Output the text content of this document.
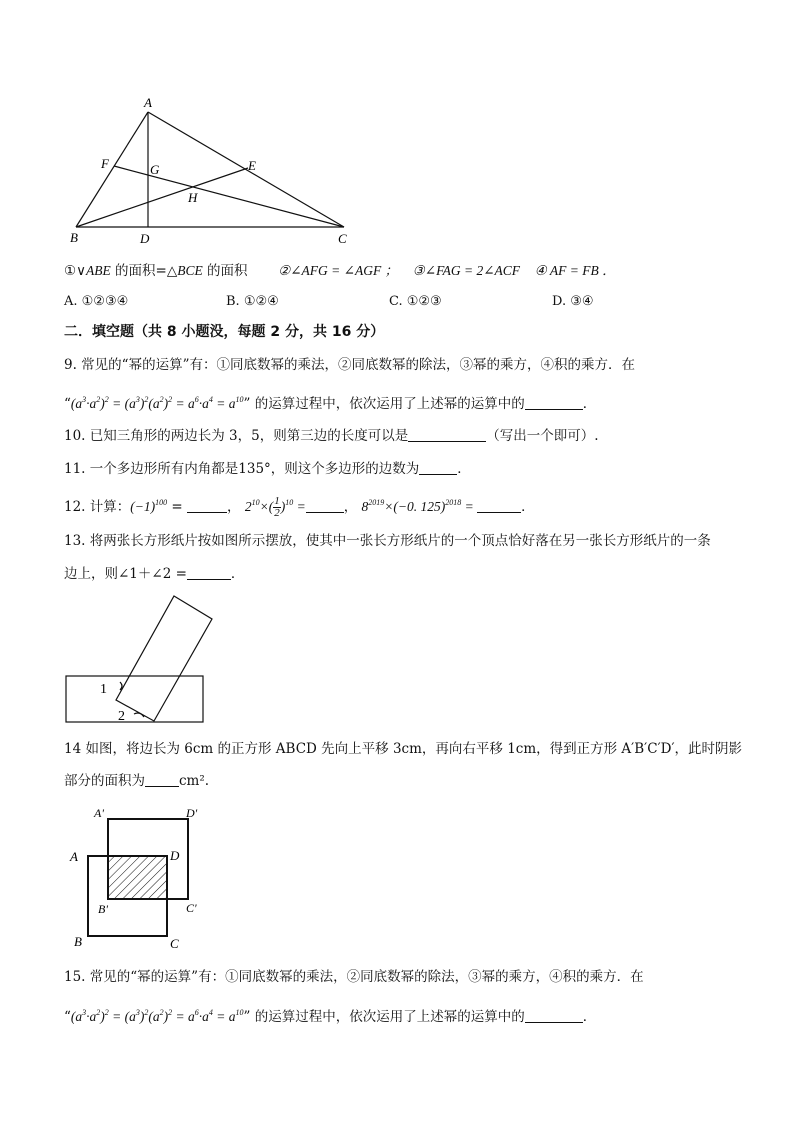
A
B	C
D
E
F	G
H
①∨ABE 的面积=△BCE 的面积 ②∠AFG = ∠AGF ； ③∠FAG = 2∠ACF ④ AF = FB ．
A. ①②③④	B. ①②④	C. ①②③	D. ③④
二．填空题（共 8 小题没，每题 2 分，共 16 分）
9. 常见的“幂的运算”有：①同底数幂的乘法，②同底数幂的除法，③幂的乘方，④积的乘方．在
“$(a^3\cdot a^2)^2 = (a^3)^2(a^2)^2 = a^6\cdot a^4 = a^{10}$” 的运算过程中，依次运用了上述幂的运算中的	．
10. 已知三角形的两边长为 3，5，则第三边的长度可以是	（写出一个即可）.
11. 一个多边形所有内角都是135°，则这个多边形的边数为	．
12. 计算：$(-1)^{100}$ =	， $2^{10}\times( \frac{1}{2} )^{10}$ =	， $8^{2019}\times(-0$. 125)$^{2018}$ =	．
13. 将两张长方形纸片按如图所示摆放，使其中一张长方形纸片的一个顶点恰好落在另一张长方形纸片的一条
边上，则∠1＋∠2 =	．
1
2
14 如图，将边长为 6cm 的正方形 ABCD 先向上平移 3cm，再向右平移 1cm，得到正方形 A′B′C′D′，此时阴影
部分的面积为	cm².
A'	D'
B'	C'
A	D
B	C
15. 常见的“幂的运算”有：①同底数幂的乘法，②同底数幂的除法，③幂的乘方，④积的乘方．在
“$(a^3\cdot a^2)^2 = (a^3)^2(a^2)^2 = a^6\cdot a^4 = a^{10}$” 的运算过程中，依次运用了上述幂的运算中的	．
